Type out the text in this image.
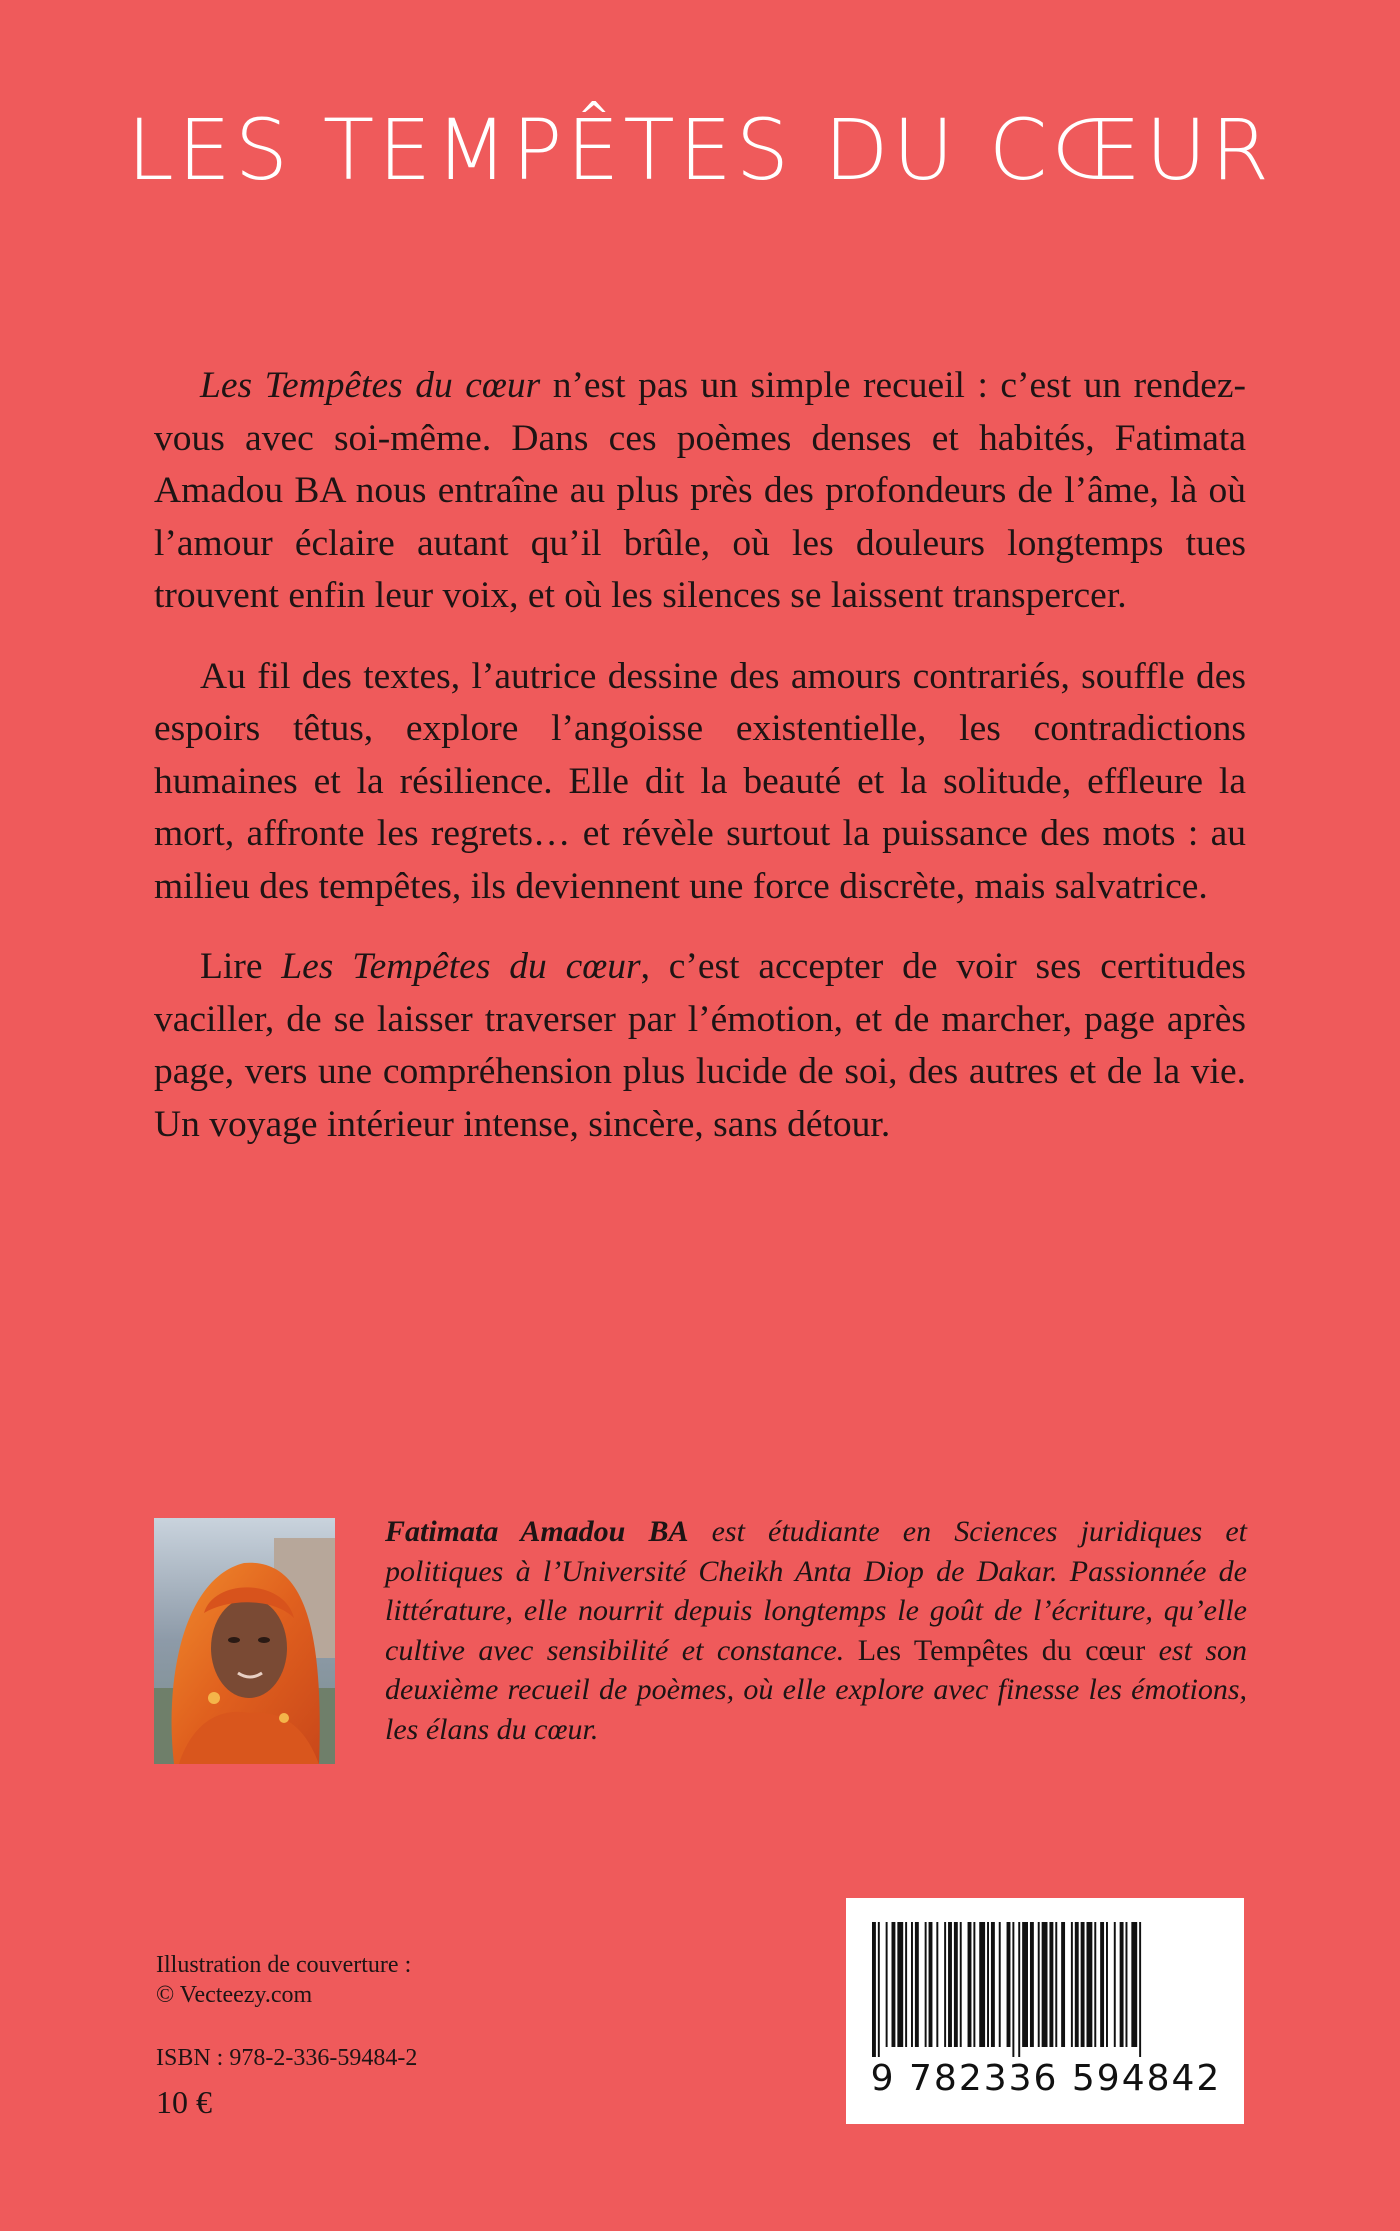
LES TEMPÊTES DU CŒUR

Les Tempêtes du cœur n’est pas un simple recueil : c’est un rendez-vous avec soi-même. Dans ces poèmes denses et habités, Fatimata Amadou BA nous entraîne au plus près des profondeurs de l’âme, là où l’amour éclaire autant qu’il brûle, où les douleurs longtemps tues trouvent enfin leur voix, et où les silences se laissent transpercer.

Au fil des textes, l’autrice dessine des amours contrariés, souffle des espoirs têtus, explore l’angoisse existentielle, les contradictions humaines et la résilience. Elle dit la beauté et la solitude, effleure la mort, affronte les regrets… et révèle surtout la puissance des mots : au milieu des tempêtes, ils deviennent une force discrète, mais salvatrice.

Lire Les Tempêtes du cœur, c’est accepter de voir ses certitudes vaciller, de se laisser traverser par l’émotion, et de marcher, page après page, vers une compréhension plus lucide de soi, des autres et de la vie. Un voyage intérieur intense, sincère, sans détour.

Fatimata Amadou BA est étudiante en Sciences juridiques et politiques à l’Université Cheikh Anta Diop de Dakar. Passionnée de littérature, elle nourrit depuis longtemps le goût de l’écriture, qu’elle cultive avec sensibilité et constance. Les Tempêtes du cœur est son deuxième recueil de poèmes, où elle explore avec finesse les émotions, les élans du cœur.
Illustration de couverture :
© Vecteezy.com
ISBN : 978-2-336-59484-2
10 €
9 782336 594842
